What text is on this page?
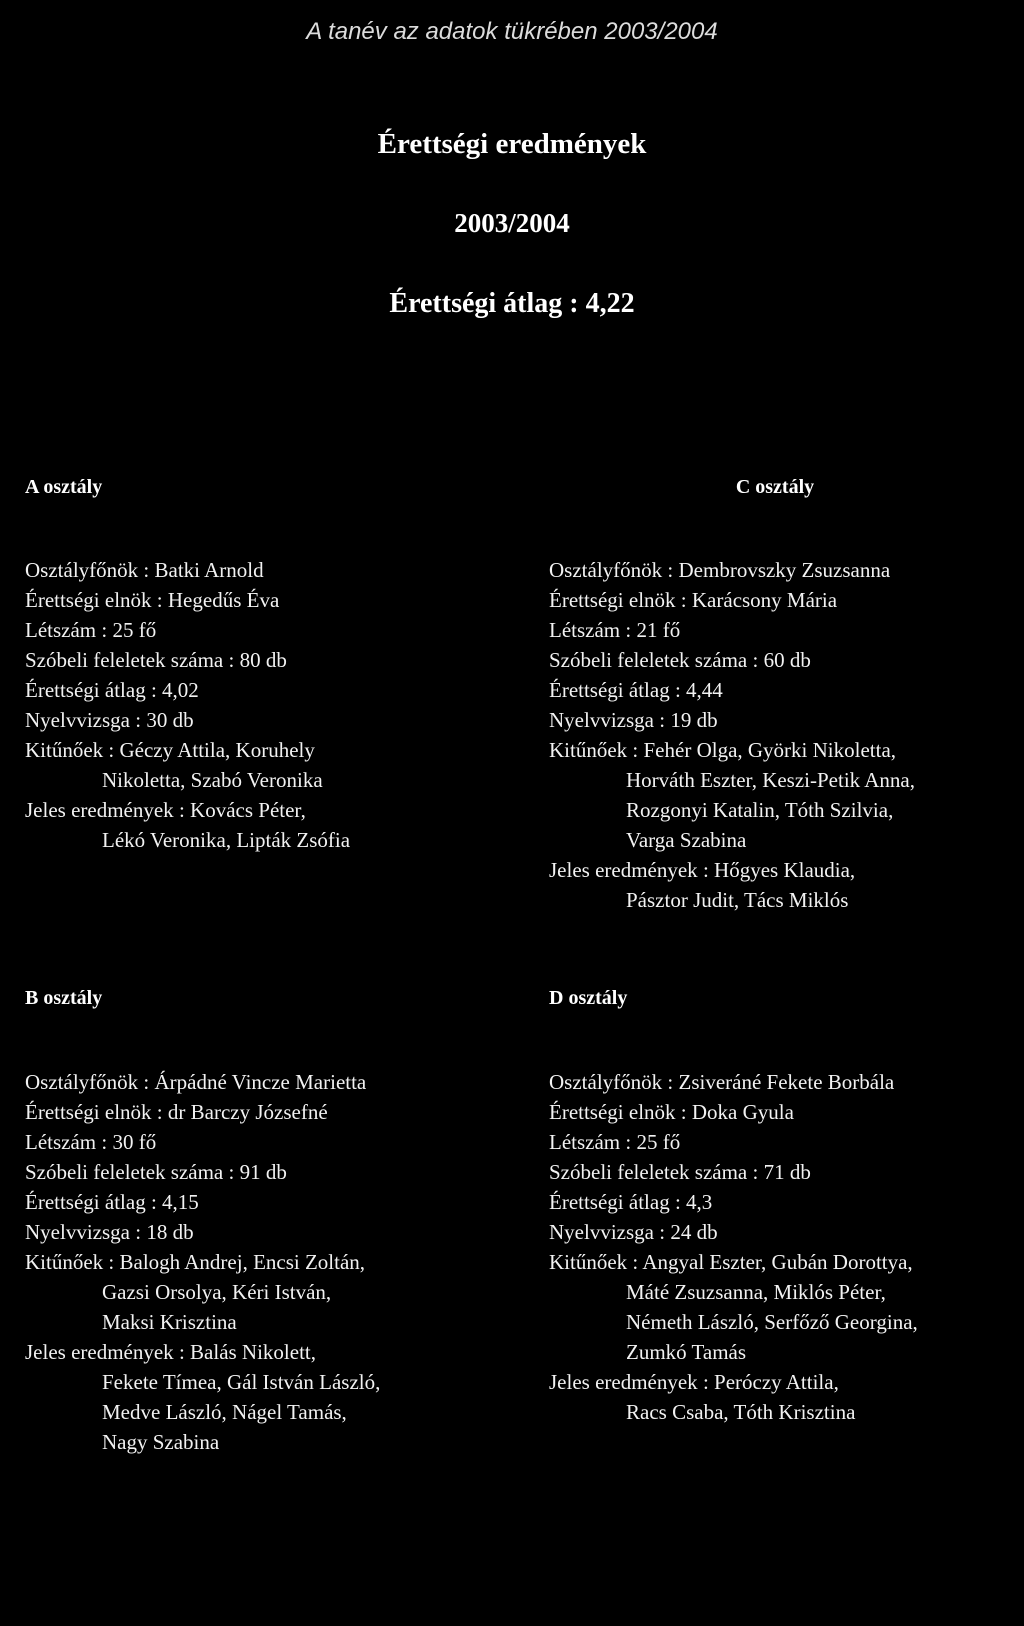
A tanév az adatok tükrében 2003/2004
Érettségi eredmények
2003/2004
Érettségi átlag : 4,22
A osztály
Osztályfőnök : Batki Arnold
Érettségi elnök : Hegedűs Éva
Létszám : 25 fő
Szóbeli feleletek száma : 80 db
Érettségi átlag : 4,02
Nyelvvizsga : 30 db
Kitűnőek : Géczy Attila, Koruhely
Nikoletta, Szabó Veronika
Jeles eredmények : Kovács Péter,
Lékó Veronika, Lipták Zsófia
C osztály
Osztályfőnök : Dembrovszky Zsuzsanna
Érettségi elnök : Karácsony Mária
Létszám : 21 fő
Szóbeli feleletek száma : 60 db
Érettségi átlag : 4,44
Nyelvvizsga : 19 db
Kitűnőek : Fehér Olga, Györki Nikoletta,
Horváth Eszter, Keszi-Petik Anna,
Rozgonyi Katalin, Tóth Szilvia,
Varga Szabina
Jeles eredmények : Hőgyes Klaudia,
Pásztor Judit, Tács Miklós
B osztály
Osztályfőnök : Árpádné Vincze Marietta
Érettségi elnök : dr Barczy Józsefné
Létszám : 30 fő
Szóbeli feleletek száma : 91 db
Érettségi átlag : 4,15
Nyelvvizsga : 18 db
Kitűnőek : Balogh Andrej, Encsi Zoltán,
Gazsi Orsolya, Kéri István,
Maksi Krisztina
Jeles eredmények : Balás Nikolett,
Fekete Tímea, Gál István László,
Medve László, Nágel Tamás,
Nagy Szabina
D osztály
Osztályfőnök : Zsiveráné Fekete Borbála
Érettségi elnök : Doka Gyula
Létszám : 25 fő
Szóbeli feleletek száma : 71 db
Érettségi átlag : 4,3
Nyelvvizsga : 24 db
Kitűnőek : Angyal Eszter, Gubán Dorottya,
Máté Zsuzsanna, Miklós Péter,
Németh László, Serfőző Georgina,
Zumkó Tamás
Jeles eredmények : Peróczy Attila,
Racs Csaba, Tóth Krisztina
